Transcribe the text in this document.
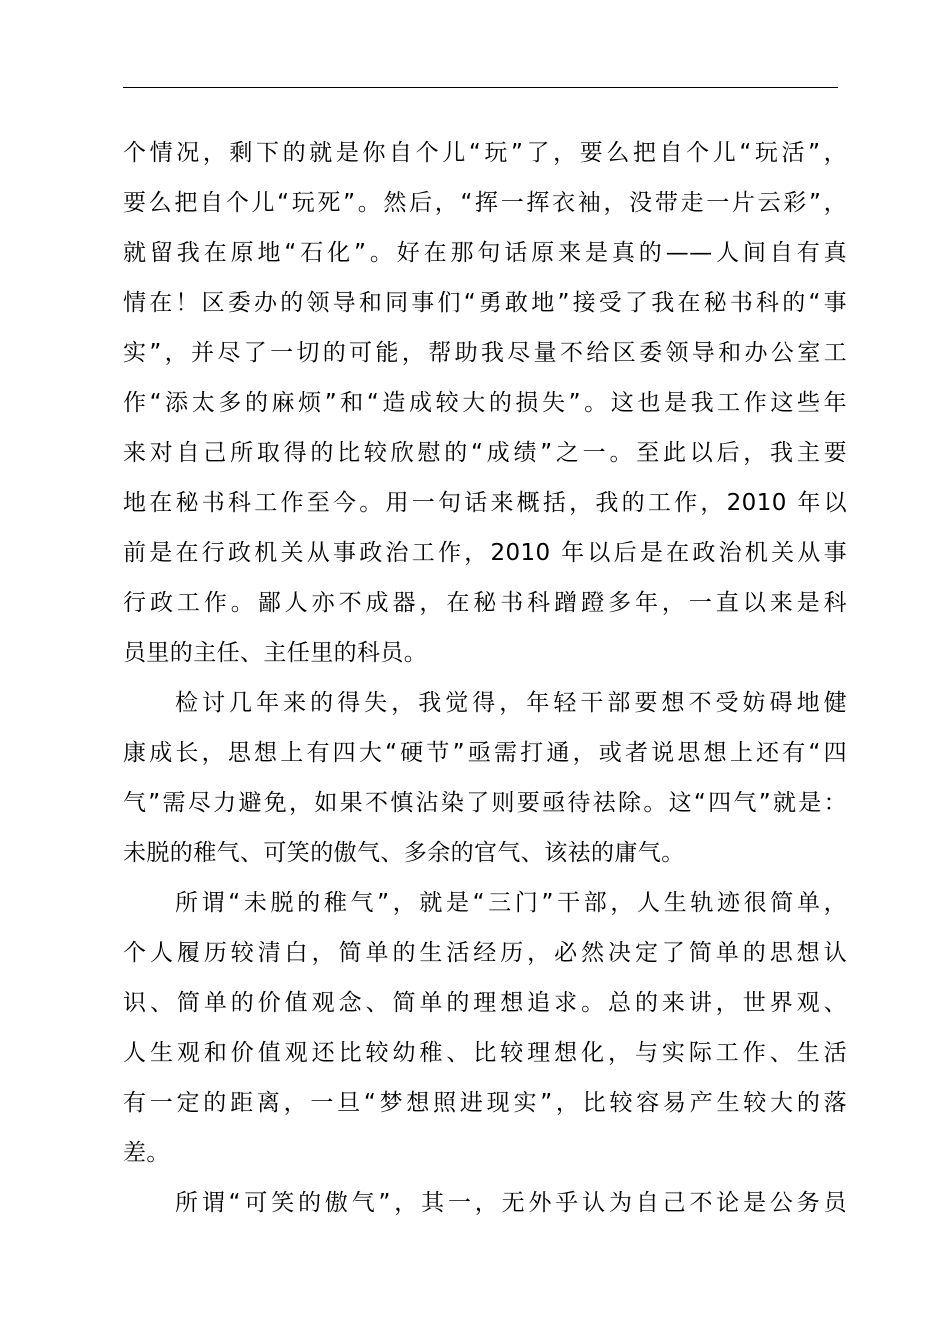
个情况，剩下的就是你自个儿“玩”了，要么把自个儿“玩活”，
要么把自个儿“玩死”。然后，“挥一挥衣袖，没带走一片云彩”，
就留我在原地“石化”。好在那句话原来是真的——人间自有真
情在！区委办的领导和同事们“勇敢地”接受了我在秘书科的“事
实”，并尽了一切的可能，帮助我尽量不给区委领导和办公室工
作“添太多的麻烦”和“造成较大的损失”。这也是我工作这些年
来对自己所取得的比较欣慰的“成绩”之一。至此以后，我主要
地在秘书科工作至今。用一句话来概括，我的工作，2010 年以
前是在行政机关从事政治工作，2010 年以后是在政治机关从事
行政工作。鄙人亦不成器，在秘书科蹭蹬多年，一直以来是科
员里的主任、主任里的科员。
检讨几年来的得失，我觉得，年轻干部要想不受妨碍地健
康成长，思想上有四大“硬节”亟需打通，或者说思想上还有“四
气”需尽力避免，如果不慎沾染了则要亟待祛除。这“四气”就是：
未脱的稚气、可笑的傲气、多余的官气、该祛的庸气。
所谓“未脱的稚气”，就是“三门”干部，人生轨迹很简单，
个人履历较清白，简单的生活经历，必然决定了简单的思想认
识、简单的价值观念、简单的理想追求。总的来讲，世界观、
人生观和价值观还比较幼稚、比较理想化，与实际工作、生活
有一定的距离，一旦“梦想照进现实”，比较容易产生较大的落
差。
所谓“可笑的傲气”，其一，无外乎认为自己不论是公务员
